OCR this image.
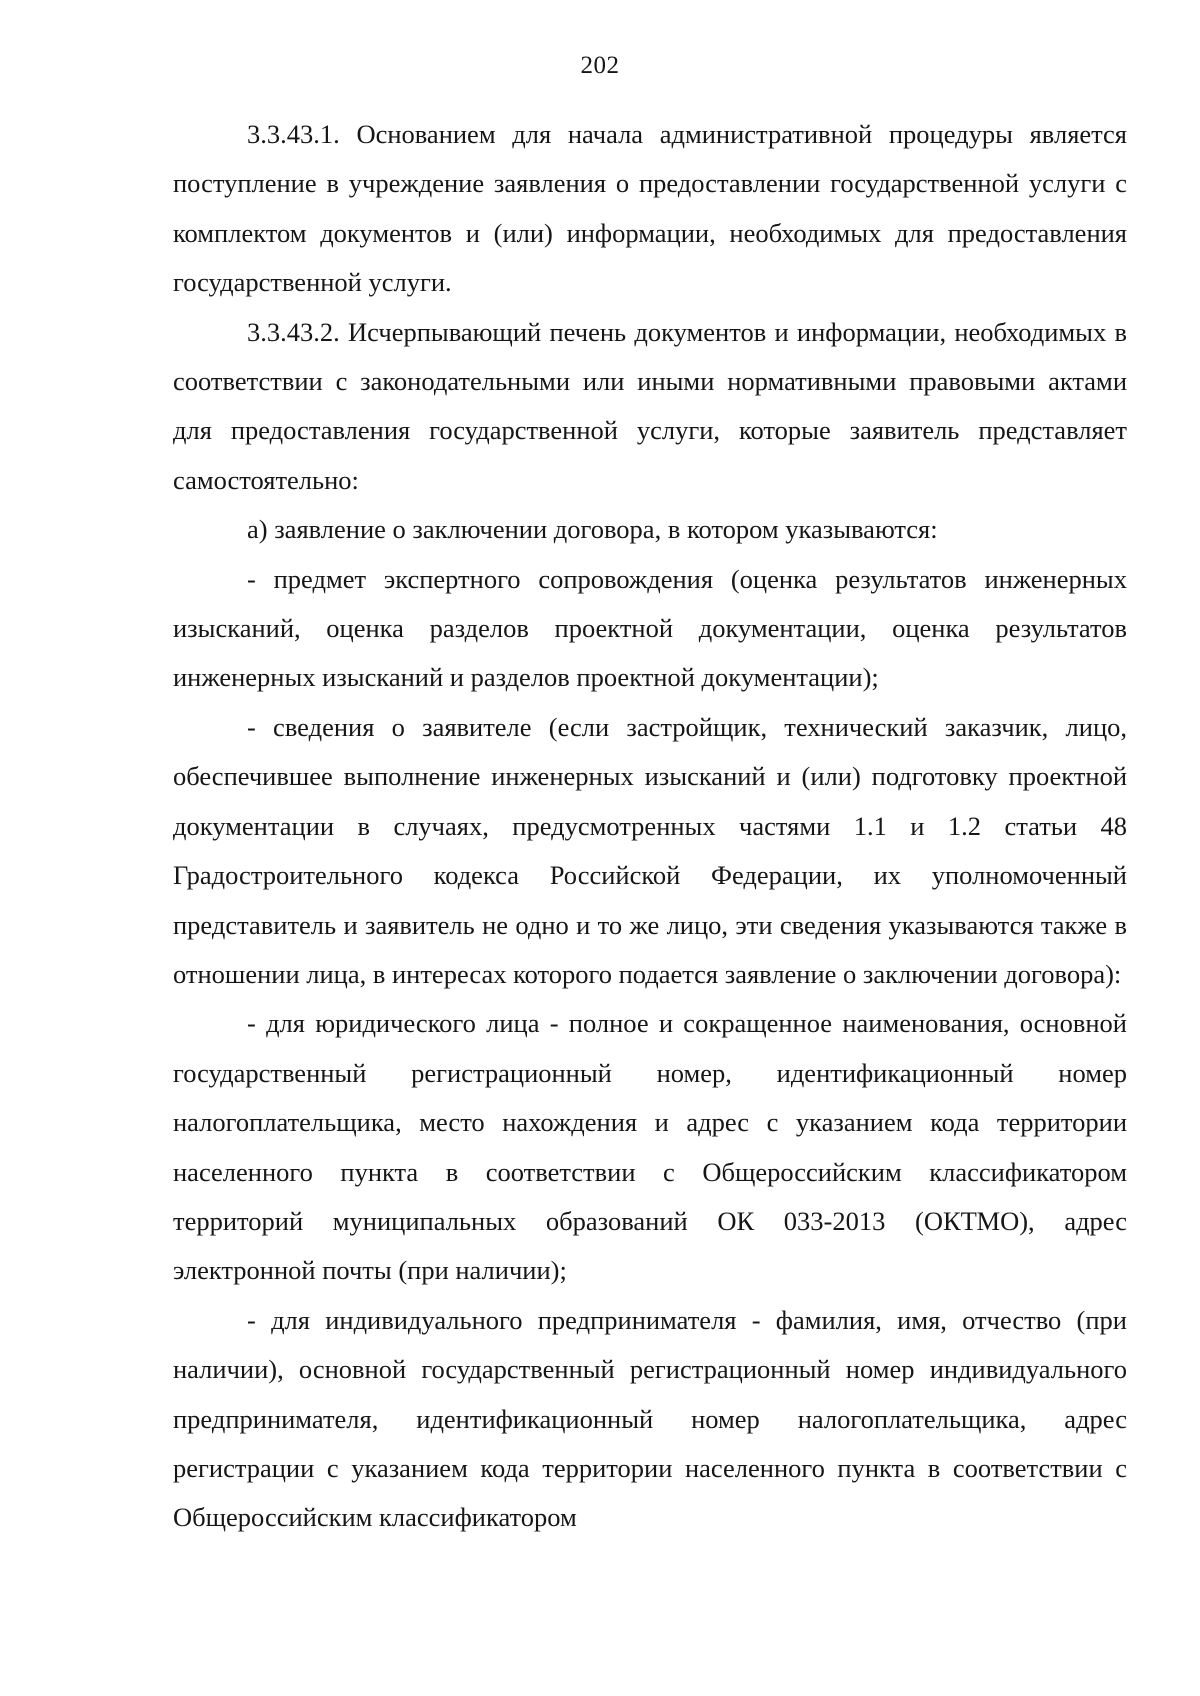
202

3.3.43.1. Основанием для начала административной процедуры является поступление в учреждение заявления о предоставлении государственной услуги с комплектом документов и (или) информации, необходимых для предоставления государственной услуги.

3.3.43.2. Исчерпывающий печень документов и информации, необходимых в соответствии с законодательными или иными нормативными правовыми актами для предоставления государственной услуги, которые заявитель представляет самостоятельно:

а) заявление о заключении договора, в котором указываются:

- предмет экспертного сопровождения (оценка результатов инженерных изысканий, оценка разделов проектной документации, оценка результатов инженерных изысканий и разделов проектной документации);

- сведения о заявителе (если застройщик, технический заказчик, лицо, обеспечившее выполнение инженерных изысканий и (или) подготовку проектной документации в случаях, предусмотренных частями 1.1 и 1.2 статьи 48 Градостроительного кодекса Российской Федерации, их уполномоченный представитель и заявитель не одно и то же лицо, эти сведения указываются также в отношении лица, в интересах которого подается заявление о заключении договора):

- для юридического лица - полное и сокращенное наименования, основной государственный регистрационный номер, идентификационный номер налогоплательщика, место нахождения и адрес с указанием кода территории населенного пункта в соответствии с Общероссийским классификатором территорий муниципальных образований ОК 033-2013 (ОКТМО), адрес электронной почты (при наличии);

- для индивидуального предпринимателя - фамилия, имя, отчество (при наличии), основной государственный регистрационный номер индивидуального предпринимателя, идентификационный номер налогоплательщика, адрес регистрации с указанием кода территории населенного пункта в соответствии с Общероссийским классификатором
